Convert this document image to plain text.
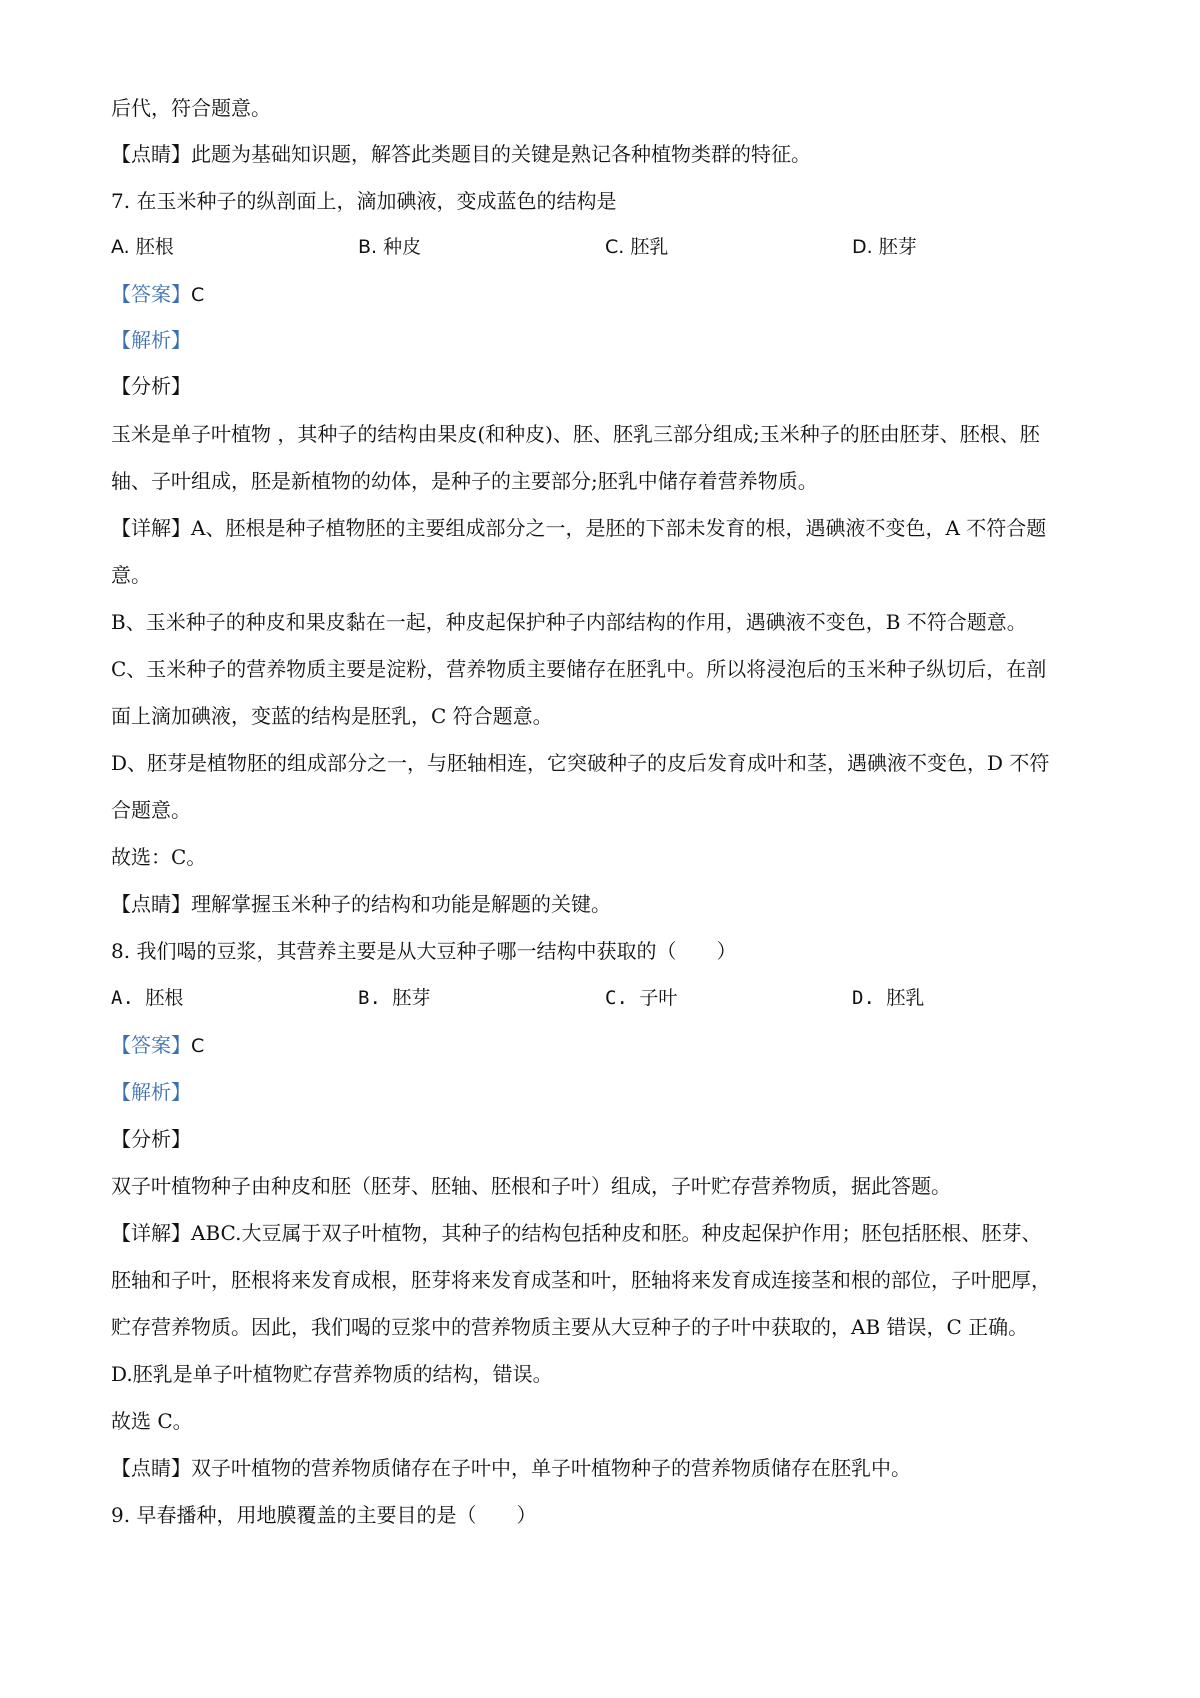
后代，符合题意。
【点睛】此题为基础知识题，解答此类题目的关键是熟记各种植物类群的特征。
7. 在玉米种子的纵剖面上，滴加碘液，变成蓝色的结构是
A. 胚根	B. 种皮	C. 胚乳	D. 胚芽
【答案】C
【解析】
【分析】
玉米是单子叶植物 ，其种子的结构由果皮(和种皮)、胚、胚乳三部分组成;玉米种子的胚由胚芽、胚根、胚
轴、子叶组成，胚是新植物的幼体，是种子的主要部分;胚乳中储存着营养物质。
【详解】A、胚根是种子植物胚的主要组成部分之一，是胚的下部未发育的根，遇碘液不变色，A 不符合题
意。
B、玉米种子的种皮和果皮黏在一起，种皮起保护种子内部结构的作用，遇碘液不变色，B 不符合题意。
C、玉米种子的营养物质主要是淀粉，营养物质主要储存在胚乳中。所以将浸泡后的玉米种子纵切后，在剖
面上滴加碘液，变蓝的结构是胚乳，C 符合题意。
D、胚芽是植物胚的组成部分之一，与胚轴相连，它突破种子的皮后发育成叶和茎，遇碘液不变色，D 不符
合题意。
故选：C。
【点睛】理解掌握玉米种子的结构和功能是解题的关键。
8. 我们喝的豆浆，其营养主要是从大豆种子哪一结构中获取的（　　）
A. 胚根	B. 胚芽	C. 子叶	D. 胚乳
【答案】C
【解析】
【分析】
双子叶植物种子由种皮和胚（胚芽、胚轴、胚根和子叶）组成，子叶贮存营养物质，据此答题。
【详解】ABC.大豆属于双子叶植物，其种子的结构包括种皮和胚。种皮起保护作用；胚包括胚根、胚芽、
胚轴和子叶，胚根将来发育成根，胚芽将来发育成茎和叶，胚轴将来发育成连接茎和根的部位，子叶肥厚，
贮存营养物质。因此，我们喝的豆浆中的营养物质主要从大豆种子的子叶中获取的，AB 错误，C 正确。
D.胚乳是单子叶植物贮存营养物质的结构，错误。
故选 C。
【点睛】双子叶植物的营养物质储存在子叶中，单子叶植物种子的营养物质储存在胚乳中。
9. 早春播种，用地膜覆盖的主要目的是（　　）
